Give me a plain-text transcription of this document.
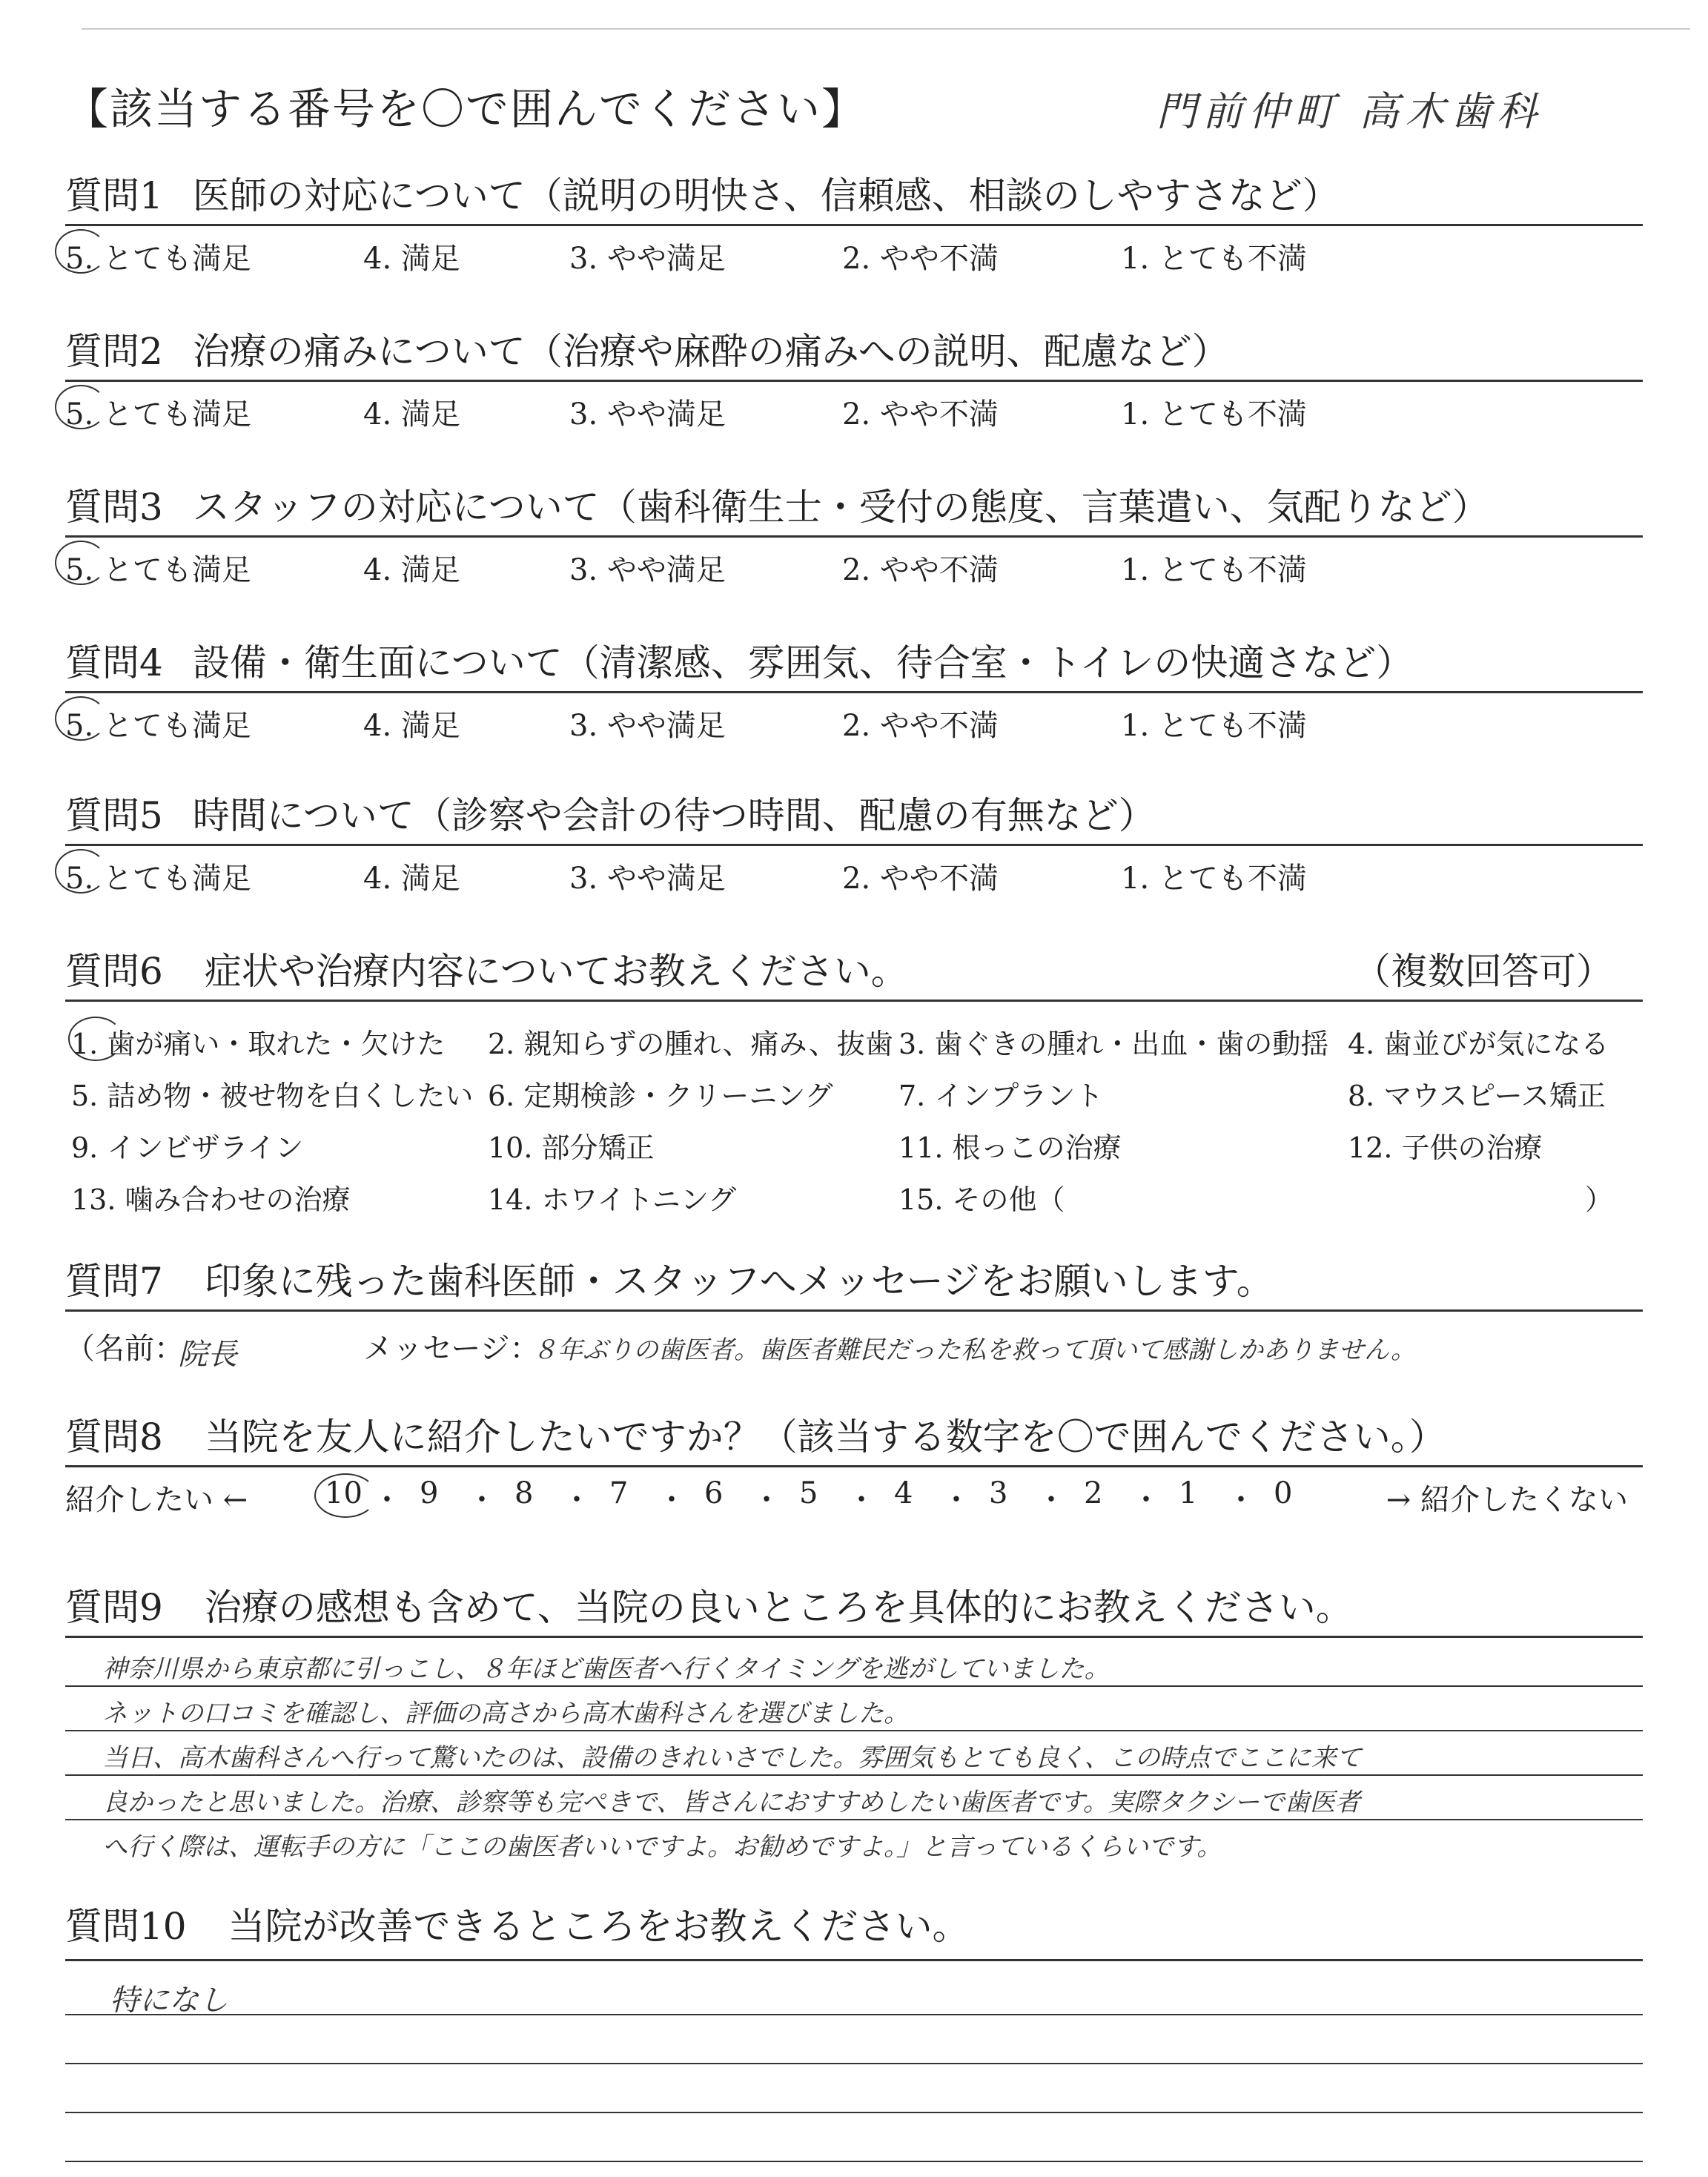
【該当する番号を〇で囲んでください】	門前仲町 高木歯科
質問1 医師の対応について（説明の明快さ、信頼感、相談のしやすさなど）
5. とても満足	4. 満足	3. やや満足	2. やや不満	1. とても不満
質問2 治療の痛みについて（治療や麻酔の痛みへの説明、配慮など）
5. とても満足	4. 満足	3. やや満足	2. やや不満	1. とても不満
質問3 スタッフの対応について（歯科衛生士・受付の態度、言葉遣い、気配りなど）
5. とても満足	4. 満足	3. やや満足	2. やや不満	1. とても不満
質問4 設備・衛生面について（清潔感、雰囲気、待合室・トイレの快適さなど）
5. とても満足	4. 満足	3. やや満足	2. やや不満	1. とても不満
質問5 時間について（診察や会計の待つ時間、配慮の有無など）
5. とても満足	4. 満足	3. やや満足	2. やや不満	1. とても不満
質問6 症状や治療内容についてお教えください。	（複数回答可）
1. 歯が痛い・取れた・欠けた 2. 親知らずの腫れ、痛み、抜歯 3. 歯ぐきの腫れ・出血・歯の動揺 4. 歯並びが気になる
5. 詰め物・被せ物を白くしたい 6. 定期検診・クリーニング 7. インプラント	8. マウスピース矯正
9. インビザライン	10. 部分矯正	11. 根っこの治療	12. 子供の治療
13. 噛み合わせの治療	14. ホワイトニング	15. その他（	）
質問7 印象に残った歯科医師・スタッフへメッセージをお願いします。
（名前：
院長	メッセージ：
８年ぶりの歯医者。歯医者難民だった私を救って頂いて感謝しかありません。
質問8 当院を友人に紹介したいですか？（該当する数字を〇で囲んでください。）
紹介したい ←	→ 紹介したくない
10 ・ 9 ・ 8 ・ 7 ・ 6 ・ 5 ・ 4 ・ 3 ・ 2 ・ 1 ・ 0
質問9 治療の感想も含めて、当院の良いところを具体的にお教えください。
神奈川県から東京都に引っこし、８年ほど歯医者へ行くタイミングを逃がしていました。
ネットの口コミを確認し、評価の高さから高木歯科さんを選びました。
当日、高木歯科さんへ行って驚いたのは、設備のきれいさでした。雰囲気もとても良く、この時点でここに来て
良かったと思いました。治療、診察等も完ぺきで、皆さんにおすすめしたい歯医者です。実際タクシーで歯医者
へ行く際は、運転手の方に「ここの歯医者いいですよ。お勧めですよ。」と言っているくらいです。
質問10 当院が改善できるところをお教えください。
特になし
